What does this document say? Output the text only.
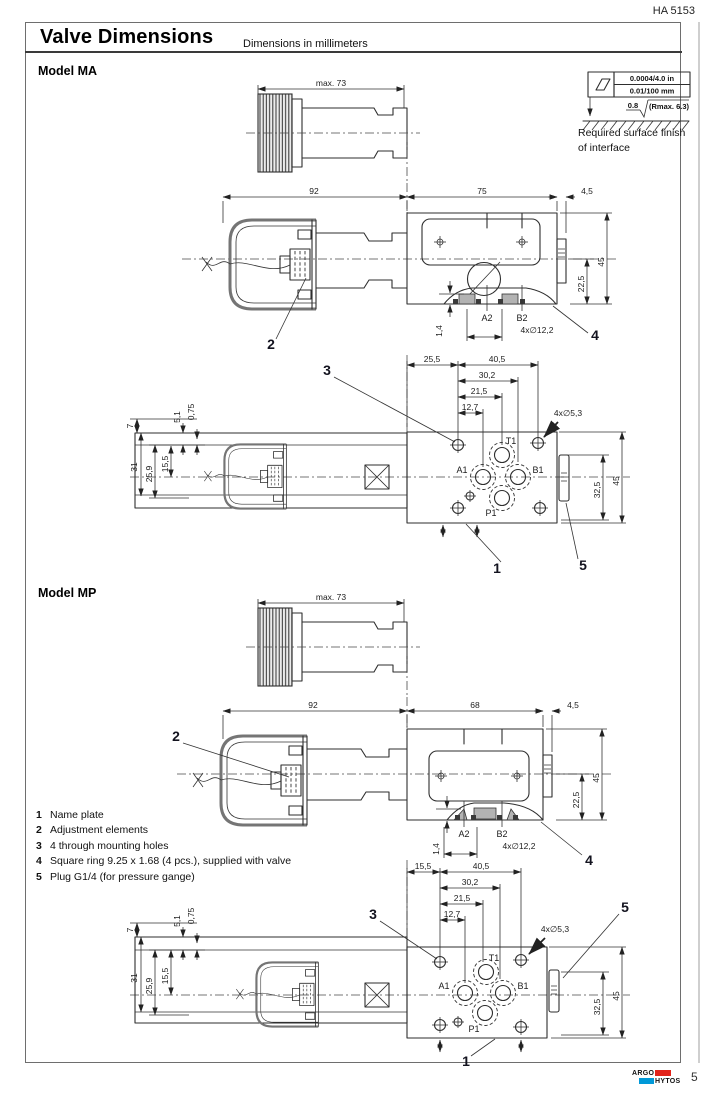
HA 5153
Valve Dimensions	Dimensions in millimeters
Model MA
Model MP
0.0004/4.0 in
0.01/100 mm
0.8 (Rmax. 6.3)
Required surface finish
of interface
max. 73
92	75	4,5
A2	B2
4x∅12,2
1,4
22,5
45
2
4
T1
A1	B1
P1
25,5	40,5
30,2
21,5
12,7
4x∅5,3
7
31 25,9
15,5
5,1 0,75
32,5
45
3
1	5
max. 73
92	68	4,5
A2	B2
4x∅12,2
1,4
22,5
45
2
4
1 Name plate
2 Adjustment elements
3 4 through mounting holes
4 Square ring 9.25 x 1.68 (4 pcs.), supplied with valve
5 Plug G1/4 (for pressure gange)
T1
A1	B1
P1
15,5	40,5
30,2
21,5
12,7
4x∅5,3
7
31 25,9
15,5
5,1 0,75
32,5
45
3	5
1
ARGO
HYTOS 5
